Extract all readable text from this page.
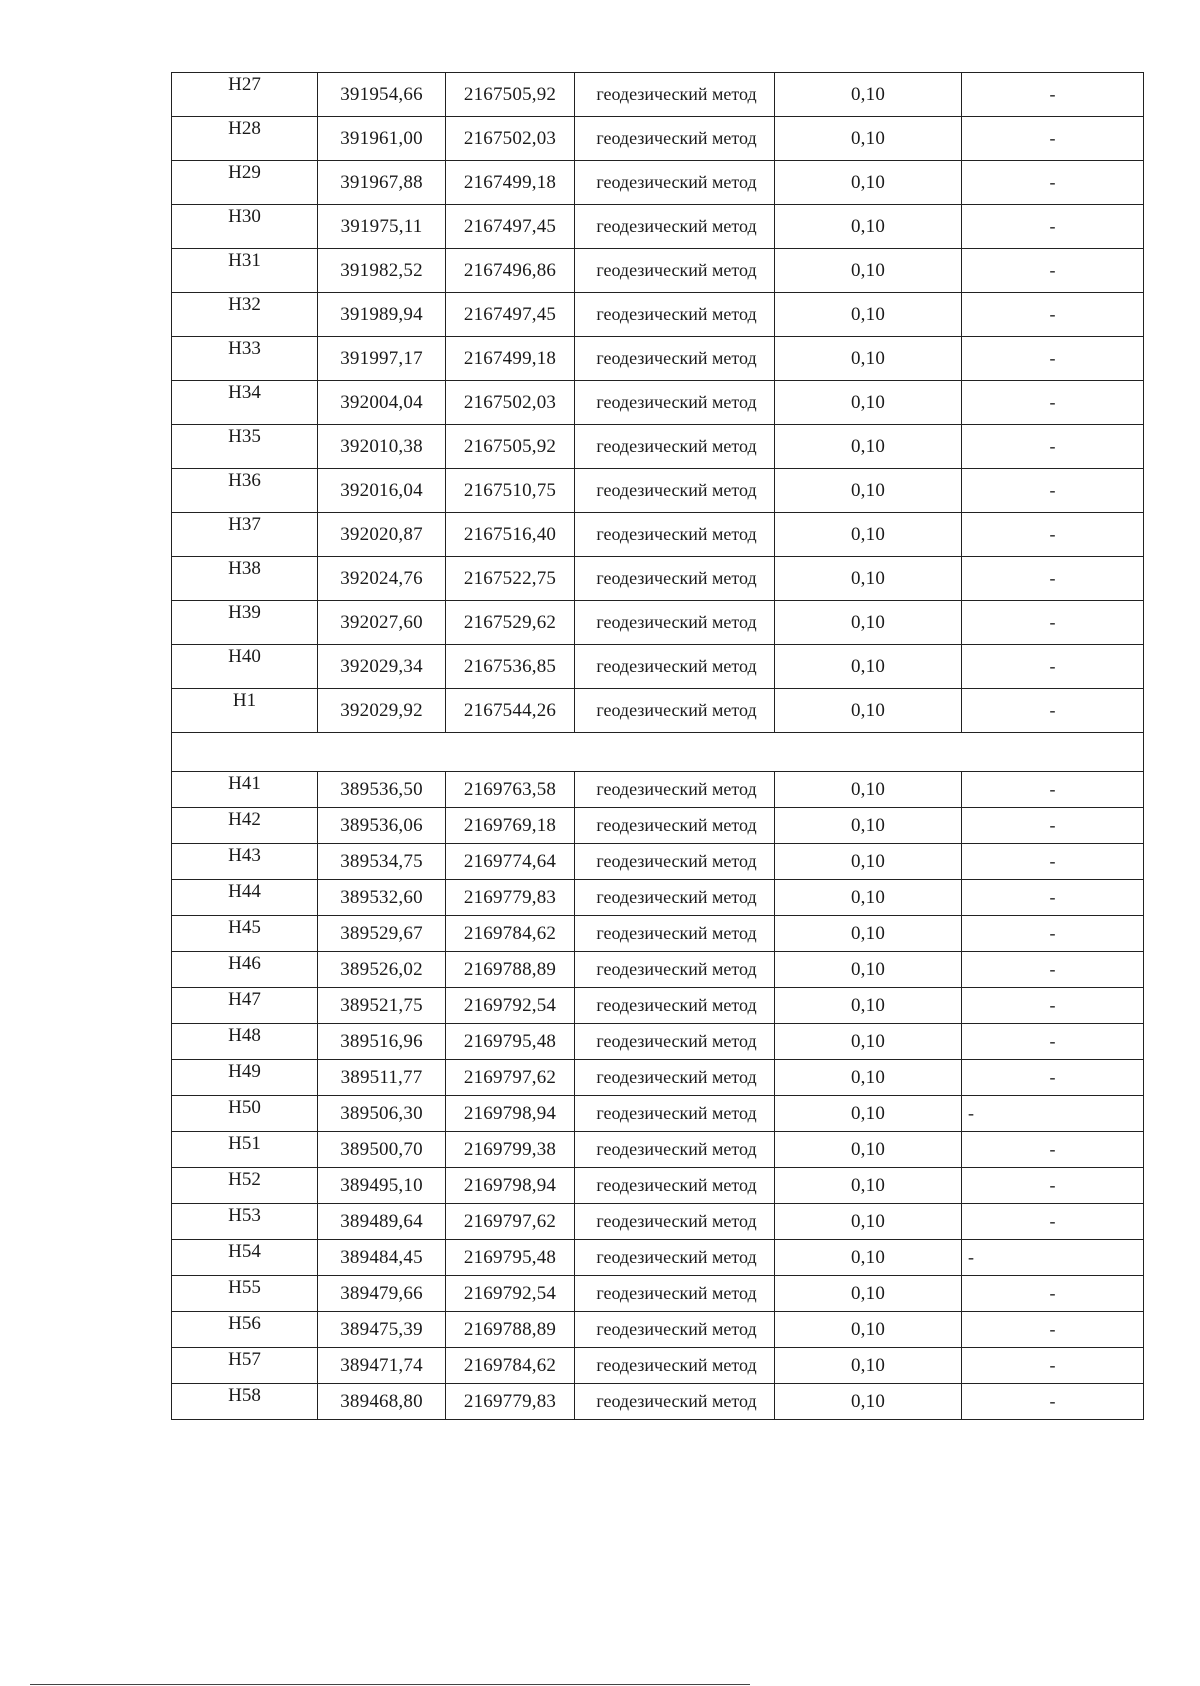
Н27	391954,66	2167505,92	геодезический метод	0,10	-
Н28	391961,00	2167502,03	геодезический метод	0,10	-
Н29	391967,88	2167499,18	геодезический метод	0,10	-
Н30	391975,11	2167497,45	геодезический метод	0,10	-
Н31	391982,52	2167496,86	геодезический метод	0,10	-
Н32	391989,94	2167497,45	геодезический метод	0,10	-
Н33	391997,17	2167499,18	геодезический метод	0,10	-
Н34	392004,04	2167502,03	геодезический метод	0,10	-
Н35	392010,38	2167505,92	геодезический метод	0,10	-
Н36	392016,04	2167510,75	геодезический метод	0,10	-
Н37	392020,87	2167516,40	геодезический метод	0,10	-
Н38	392024,76	2167522,75	геодезический метод	0,10	-
Н39	392027,60	2167529,62	геодезический метод	0,10	-
Н40	392029,34	2167536,85	геодезический метод	0,10	-
Н1	392029,92	2167544,26	геодезический метод	0,10	-

Н41	389536,50	2169763,58	геодезический метод	0,10	-
Н42	389536,06	2169769,18	геодезический метод	0,10	-
Н43	389534,75	2169774,64	геодезический метод	0,10	-
Н44	389532,60	2169779,83	геодезический метод	0,10	-
Н45	389529,67	2169784,62	геодезический метод	0,10	-
Н46	389526,02	2169788,89	геодезический метод	0,10	-
Н47	389521,75	2169792,54	геодезический метод	0,10	-
Н48	389516,96	2169795,48	геодезический метод	0,10	-
Н49	389511,77	2169797,62	геодезический метод	0,10	-
Н50	389506,30	2169798,94	геодезический метод	0,10	-
Н51	389500,70	2169799,38	геодезический метод	0,10	-
Н52	389495,10	2169798,94	геодезический метод	0,10	-
Н53	389489,64	2169797,62	геодезический метод	0,10	-
Н54	389484,45	2169795,48	геодезический метод	0,10	-
Н55	389479,66	2169792,54	геодезический метод	0,10	-
Н56	389475,39	2169788,89	геодезический метод	0,10	-
Н57	389471,74	2169784,62	геодезический метод	0,10	-
Н58	389468,80	2169779,83	геодезический метод	0,10	-
